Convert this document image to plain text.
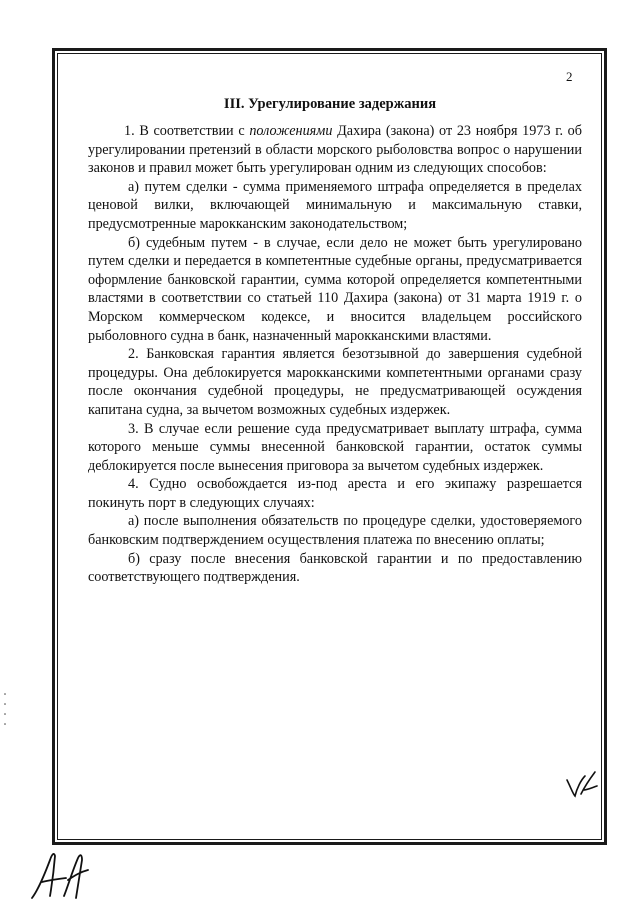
2
III. Урегулирование задержания

1. В соответствии с положениями Дахира (закона) от 23 ноября 1973 г. об урегулировании претензий в области морского рыболовства вопрос о нарушении законов и правил может быть урегулирован одним из следующих способов:

а) путем сделки - сумма применяемого штрафа определяется в пределах ценовой вилки, включающей минимальную и максимальную ставки, предусмотренные марокканским законодательством;

б) судебным путем - в случае, если дело не может быть урегулировано путем сделки и передается в компетентные судебные органы, предусматривается оформление банковской гарантии, сумма которой определяется компетентными властями в соответствии со статьей 110 Дахира (закона) от 31 марта 1919 г. о Морском коммерческом кодексе, и вносится владельцем российского рыболовного судна в банк, назначенный марокканскими властями.

2. Банковская гарантия является безотзывной до завершения судебной процедуры. Она деблокируется марокканскими компетентными органами сразу после окончания судебной процедуры, не предусматривающей осуждения капитана судна, за вычетом возможных судебных издержек.

3. В случае если решение суда предусматривает выплату штрафа, сумма которого меньше суммы внесенной банковской гарантии, остаток суммы деблокируется после вынесения приговора за вычетом судебных издержек.

4. Судно освобождается из-под ареста и его экипажу разрешается покинуть порт в следующих случаях:

а) после выполнения обязательств по процедуре сделки, удостоверяемого банковским подтверждением осуществления платежа по внесению оплаты;

б) сразу после внесения банковской гарантии и по предоставлению соответствующего подтверждения.
